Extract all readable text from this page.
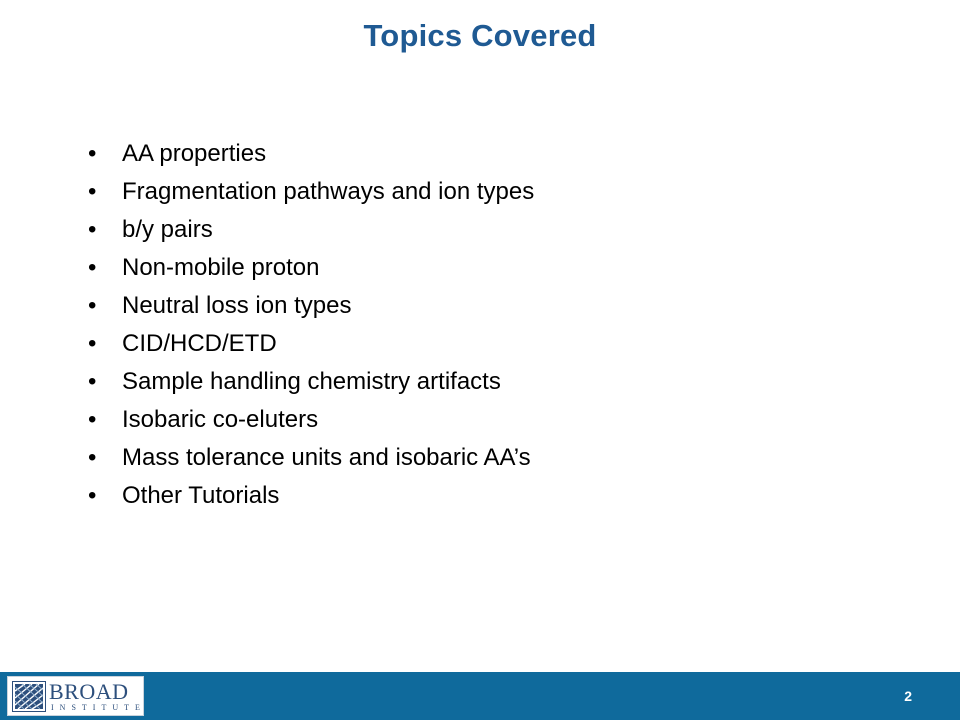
Topics Covered
•	AA properties
•	Fragmentation pathways and ion types
•	b/y pairs
•	Non-mobile proton
•	Neutral loss ion types
•	CID/HCD/ETD
•	Sample handling chemistry artifacts
•	Isobaric co-eluters
•	Mass tolerance units and isobaric AA’s
•	Other Tutorials
BROAD
INSTITUTE
2
